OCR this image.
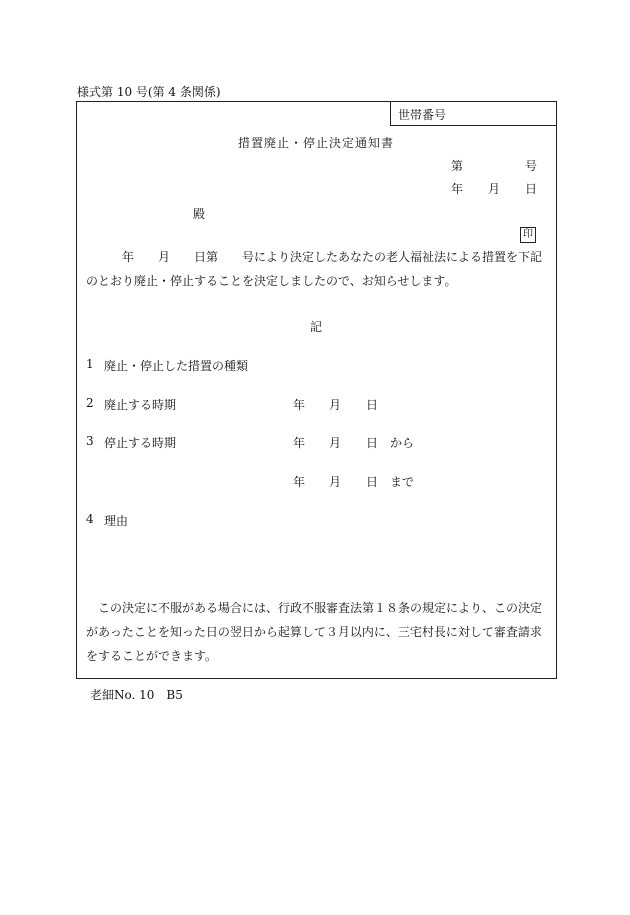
様式第 10 号(第 4 条関係)
世帯番号
措置廃止・停止決定通知書
第	号
年 月 日
殿
印
　　　年　　月　　日第　　号により決定したあなたの老人福祉法による措置を下記のとおり廃止・停止することを決定しましたので、お知らせします。
記
1 廃止・停止した措置の種類
2 廃止する時期	年 月 日
3 停止する時期	年 月 日 から
年 月 日 まで
4 理由
　この決定に不服がある場合には、行政不服審査法第１８条の規定により、この決定があったことを知った日の翌日から起算して３月以内に、三宅村長に対して審査請求をすることができます。
老細No. 10　B5
